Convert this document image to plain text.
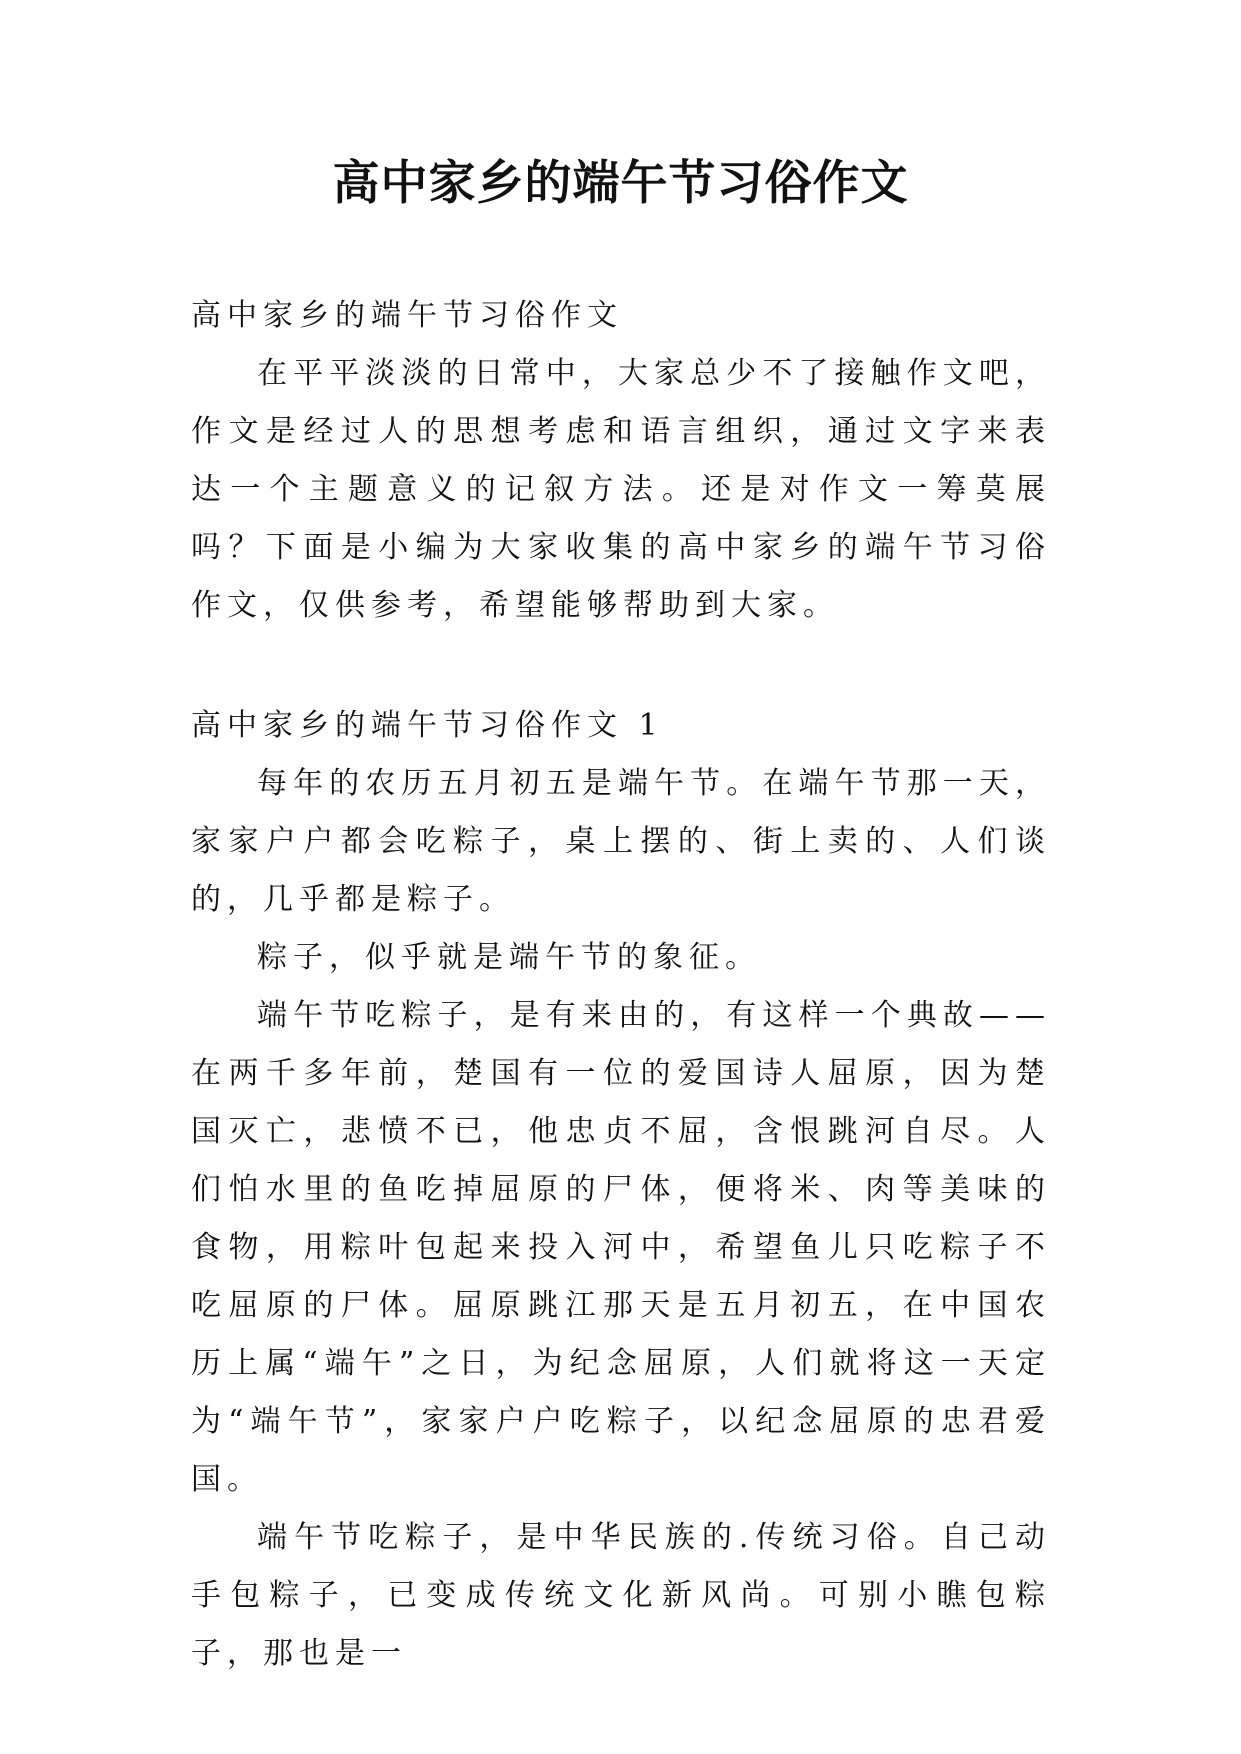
高中家乡的端午节习俗作文

高中家乡的端午节习俗作文

在平平淡淡的日常中，大家总少不了接触作文吧，作文是经过人的思想考虑和语言组织，通过文字来表达一个主题意义的记叙方法。还是对作文一筹莫展吗？下面是小编为大家收集的高中家乡的端午节习俗作文，仅供参考，希望能够帮助到大家。

高中家乡的端午节习俗作文 1

每年的农历五月初五是端午节。在端午节那一天，家家户户都会吃粽子，桌上摆的、街上卖的、人们谈的，几乎都是粽子。

粽子，似乎就是端午节的象征。

端午节吃粽子，是有来由的，有这样一个典故——在两千多年前，楚国有一位的爱国诗人屈原，因为楚国灭亡，悲愤不已，他忠贞不屈，含恨跳河自尽。人们怕水里的鱼吃掉屈原的尸体，便将米、肉等美味的食物，用粽叶包起来投入河中，希望鱼儿只吃粽子不吃屈原的尸体。屈原跳江那天是五月初五，在中国农历上属“端午”之日，为纪念屈原，人们就将这一天定为“端午节”，家家户户吃粽子，以纪念屈原的忠君爱国。

端午节吃粽子，是中华民族的.传统习俗。自己动手包粽子，已变成传统文化新风尚。可别小瞧包粽子，那也是一
